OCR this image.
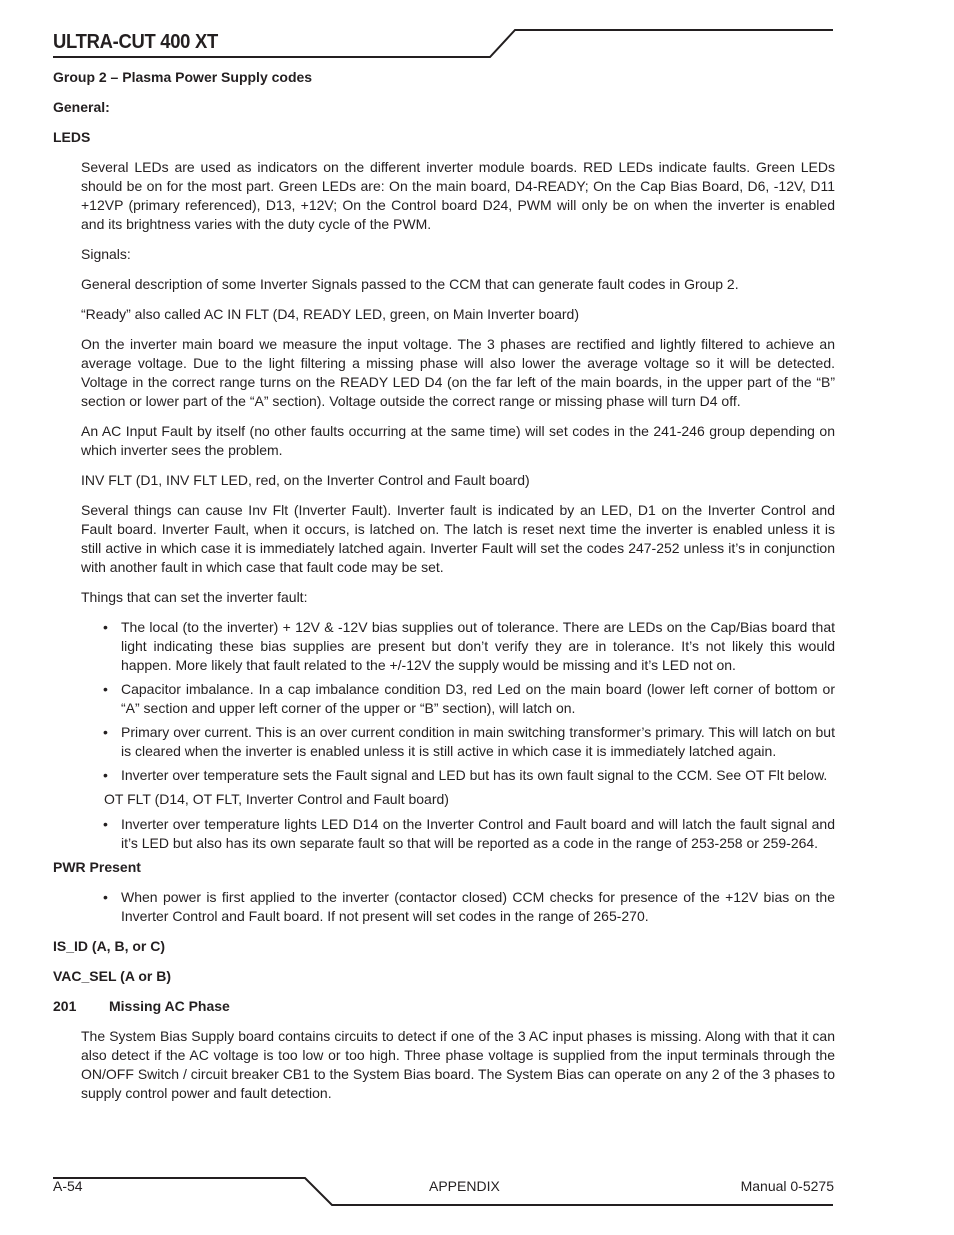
ULTRA-CUT 400 XT
Group 2 – Plasma Power Supply codes
General:
LEDS
Several LEDs are used as indicators on the different inverter module boards. RED LEDs indicate faults. Green LEDs should be on for the most part. Green LEDs are: On the main board, D4-READY; On the Cap Bias Board, D6, -12V, D11 +12VP (primary referenced), D13, +12V; On the Control board D24, PWM will only be on when the inverter is enabled and its brightness varies with the duty cycle of the PWM.
Signals:
General description of some Inverter Signals passed to the CCM that can generate fault codes in Group 2.
“Ready” also called AC IN FLT (D4, READY LED, green, on Main Inverter board)
On the inverter main board we measure the input voltage. The 3 phases are rectified and lightly filtered to achieve an average voltage. Due to the light filtering a missing phase will also lower the average voltage so it will be detected. Voltage in the correct range turns on the READY LED D4 (on the far left of the main boards, in the upper part of the “B” section or lower part of the “A” section). Voltage outside the correct range or missing phase will turn D4 off.
An AC Input Fault by itself (no other faults occurring at the same time) will set codes in the 241-246 group depending on which inverter sees the problem.
INV FLT (D1, INV FLT LED, red, on the Inverter Control and Fault board)
Several things can cause Inv Flt (Inverter Fault). Inverter fault is indicated by an LED, D1 on the Inverter Control and Fault board. Inverter Fault, when it occurs, is latched on. The latch is reset next time the inverter is enabled unless it is still active in which case it is immediately latched again. Inverter Fault will set the codes 247-252 unless it’s in conjunction with another fault in which case that fault code may be set.
Things that can set the inverter fault:
• The local (to the inverter) + 12V & -12V bias supplies out of tolerance. There are LEDs on the Cap/Bias board that light indicating these bias supplies are present but don’t verify they are in tolerance. It’s not likely this would happen. More likely that fault related to the +/-12V the supply would be missing and it’s LED not on.
• Capacitor imbalance. In a cap imbalance condition D3, red Led on the main board (lower left corner of bottom or “A” section and upper left corner of the upper or “B” section), will latch on.
• Primary over current. This is an over current condition in main switching transformer’s primary. This will latch on but is cleared when the inverter is enabled unless it is still active in which case it is immediately latched again.
• Inverter over temperature sets the Fault signal and LED but has its own fault signal to the CCM. See OT Flt below.
OT FLT (D14, OT FLT, Inverter Control and Fault board)
• Inverter over temperature lights LED D14 on the Inverter Control and Fault board and will latch the fault signal and it’s LED but also has its own separate fault so that will be reported as a code in the range of 253-258 or 259-264.
PWR Present
• When power is first applied to the inverter (contactor closed) CCM checks for presence of the +12V bias on the Inverter Control and Fault board. If not present will set codes in the range of 265-270.
IS_ID (A, B, or C)
VAC_SEL (A or B)
201 Missing AC Phase
The System Bias Supply board contains circuits to detect if one of the 3 AC input phases is missing. Along with that it can also detect if the AC voltage is too low or too high. Three phase voltage is supplied from the input terminals through the ON/OFF Switch / circuit breaker CB1 to the System Bias board. The System Bias can operate on any 2 of the 3 phases to supply control power and fault detection.
A-54	APPENDIX	Manual 0-5275
